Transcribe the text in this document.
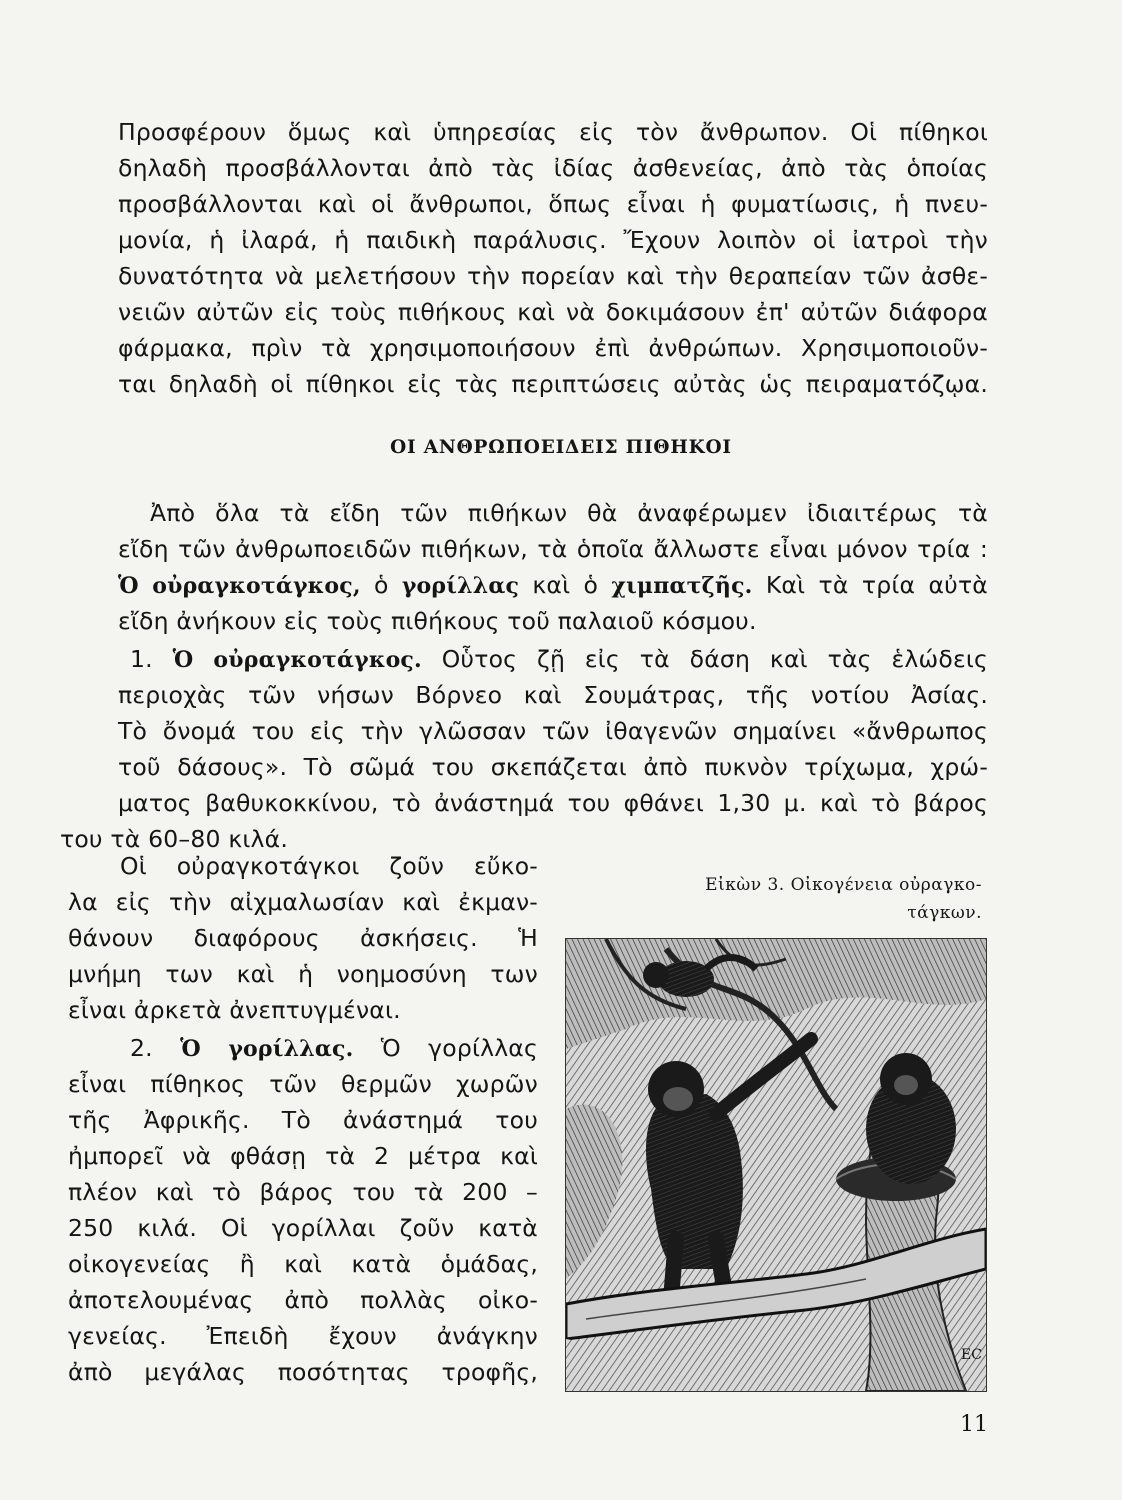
Προσφέρουν ὅμως καὶ ὑπηρεσίας εἰς τὸν ἄνθρωπον. Οἱ πίθηκοι
δηλαδὴ προσβάλλονται ἀπὸ τὰς ἰδίας ἀσθενείας, ἀπὸ τὰς ὁποίας
προσβάλλονται καὶ οἱ ἄνθρωποι, ὅπως εἶναι ἡ φυματίωσις, ἡ πνευ-
μονία, ἡ ἰλαρά, ἡ παιδικὴ παράλυσις. Ἔχουν λοιπὸν οἱ ἰατροὶ τὴν
δυνατότητα νὰ μελετήσουν τὴν πορείαν καὶ τὴν θεραπείαν τῶν ἀσθε-
νειῶν αὐτῶν εἰς τοὺς πιθήκους καὶ νὰ δοκιμάσουν ἐπ' αὐτῶν διάφορα
φάρμακα, πρὶν τὰ χρησιμοποιήσουν ἐπὶ ἀνθρώπων. Χρησιμοποιοῦν-
ται δηλαδὴ οἱ πίθηκοι εἰς τὰς περιπτώσεις αὐτὰς ὡς πειραματόζῳα.
ΟΙ ΑΝΘΡΩΠΟΕΙΔΕΙΣ ΠΙΘΗΚΟΙ
Ἀπὸ ὅλα τὰ εἴδη τῶν πιθήκων θὰ ἀναφέρωμεν ἰδιαιτέρως τὰ
εἴδη τῶν ἀνθρωποειδῶν πιθήκων, τὰ ὁποῖα ἄλλωστε εἶναι μόνον τρία :
Ὁ οὐραγκοτάγκος, ὁ γορίλλας καὶ ὁ χιμπατζῆς. Καὶ τὰ τρία αὐτὰ
εἴδη ἀνήκουν εἰς τοὺς πιθήκους τοῦ παλαιοῦ κόσμου.
1. Ὁ οὐραγκοτάγκος. Οὗτος ζῇ εἰς τὰ δάση καὶ τὰς ἑλώδεις
περιοχὰς τῶν νήσων Βόρνεο καὶ Σουμάτρας, τῆς νοτίου Ἀσίας.
Τὸ ὄνομά του εἰς τὴν γλῶσσαν τῶν ἰθαγενῶν σημαίνει «ἄνθρωπος
τοῦ δάσους». Τὸ σῶμά του σκεπάζεται ἀπὸ πυκνὸν τρίχωμα, χρώ-
ματος βαθυκοκκίνου, τὸ ἀνάστημά του φθάνει 1,30 μ. καὶ τὸ βάρος
του τὰ 60–80 κιλά.
Οἱ οὐραγκοτάγκοι ζοῦν εὔκο-
λα εἰς τὴν αἰχμαλωσίαν καὶ ἐκμαν-
θάνουν διαφόρους ἀσκήσεις. Ἡ
μνήμη των καὶ ἡ νοημοσύνη των
εἶναι ἀρκετὰ ἀνεπτυγμέναι.
2. Ὁ γορίλλας. Ὁ γορίλλας
εἶναι πίθηκος τῶν θερμῶν χωρῶν
τῆς Ἀφρικῆς. Τὸ ἀνάστημά του
ἠμπορεῖ νὰ φθάσῃ τὰ 2 μέτρα καὶ
πλέον καὶ τὸ βάρος του τὰ 200 –
250 κιλά. Οἱ γορίλλαι ζοῦν κατὰ
οἰκογενείας ἢ καὶ κατὰ ὁμάδας,
ἀποτελουμένας ἀπὸ πολλὰς οἰκο-
γενείας. Ἐπειδὴ ἔχουν ἀνάγκην
ἀπὸ μεγάλας ποσότητας τροφῆς,
Εἰκὼν 3. Οἰκογένεια οὐραγκο-
τάγκων.
EC
11
